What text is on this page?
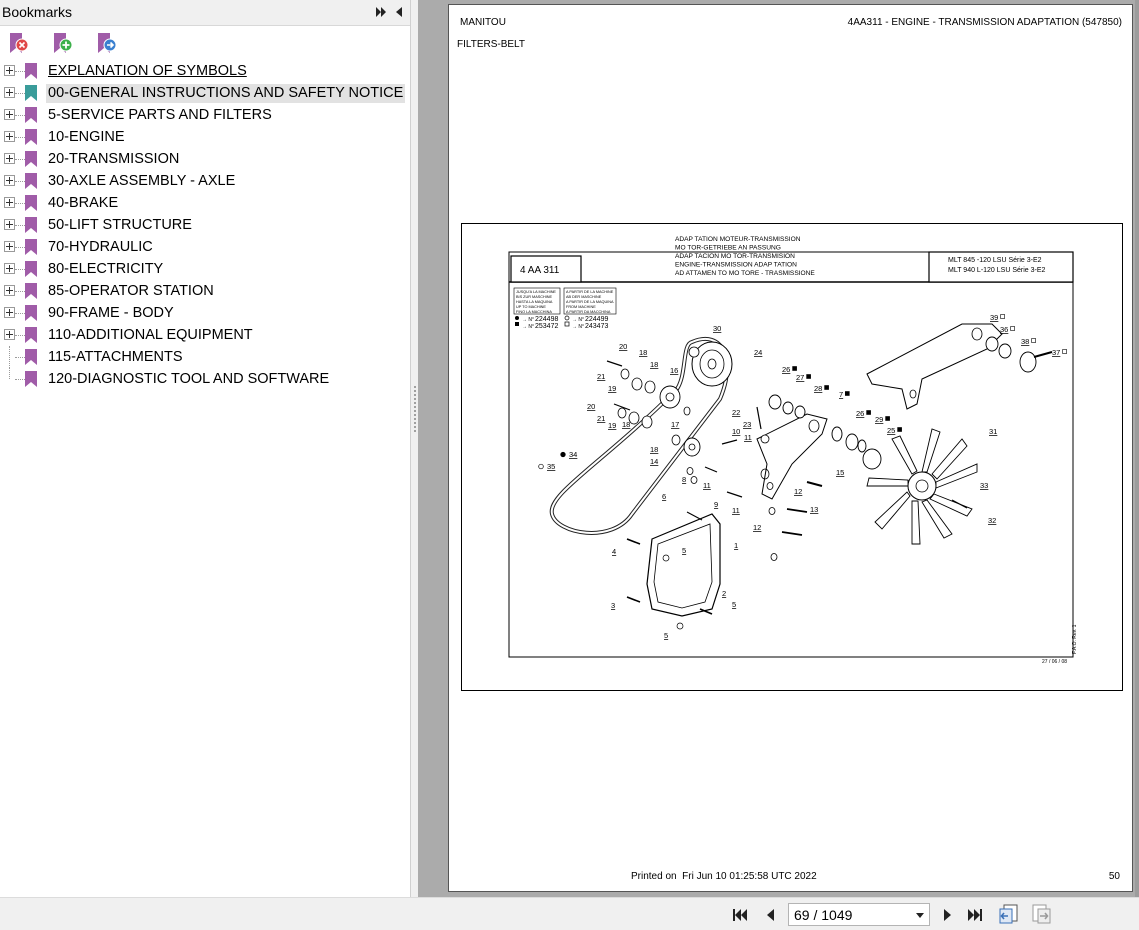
Bookmarks
EXPLANATION OF SYMBOLS
00-GENERAL INSTRUCTIONS AND SAFETY NOTICE
5-SERVICE PARTS AND FILTERS
10-ENGINE
20-TRANSMISSION
30-AXLE ASSEMBLY - AXLE
40-BRAKE
50-LIFT STRUCTURE
70-HYDRAULIC
80-ELECTRICITY
85-OPERATOR STATION
90-FRAME - BODY
110-ADDITIONAL EQUIPMENT
115-ATTACHMENTS
120-DIAGNOSTIC TOOL AND SOFTWARE
MANITOU	4AA311 - ENGINE - TRANSMISSION ADAPTATION (547850)
FILTERS-BELT
4 AA 311
MLT 845 -120 LSU Série 3-E2
MLT 940 L-120 LSU Série 3-E2
ADAP TATION MOTEUR-TRANSMISSION
MO TOR-GETRIEBE AN PASSUNG
ADAP TACION MO TOR-TRANSMISION
ENGINE-TRANSMISSION ADAP TATION
AD ATTAMEN TO MO TORE - TRASMISSIONE
JUSQU'A LA MACHINE
BIS ZUR MASCHINE
HASTA LA MAQUINA
UP TO MACHINE
FINO LA MACCHINA
A PARTIR DE LA MACHINE
AB DER MASCHINE
A PARTIR DE LA MAQUINA
FROM MACHINE
A PARTIR DA MACCHINA
224498	224499
253472	243473
→ N°
→ N°
→ N°
→ N°
1
2
3
4	5
5
5
6
7
8
9
10
11
11
11
12
12
13
14
15
16
17
18
18
18
18
19
19
20
20
21
21
22
23
24
25
26
26
27
28
29
30
31
32
33
34
35
36
37
38
39
27 / 06 / 08
F.A.O. Rev. 1
Printed on Fri Jun 10 01:25:58 UTC 2022	50
69 / 1049
